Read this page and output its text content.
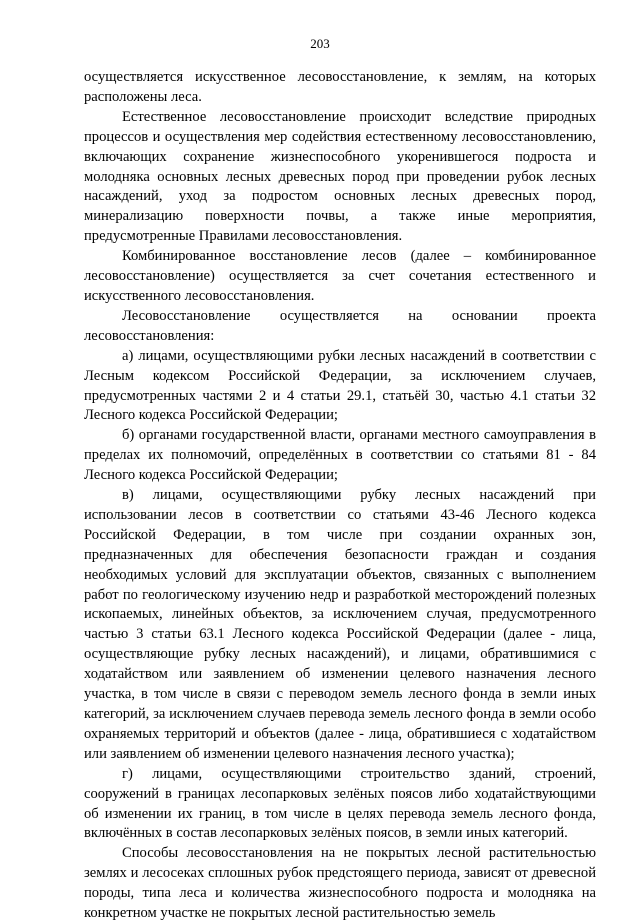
203

осуществляется искусственное лесовосстановление, к землям, на которых расположены леса.

Естественное лесовосстановление происходит вследствие природных процессов и осуществления мер содействия естественному лесовосстановлению, включающих сохранение жизнеспособного укоренившегося подроста и молодняка основных лесных древесных пород при проведении рубок лесных насаждений, уход за подростом основных лесных древесных пород, минерализацию поверхности почвы, а также иные мероприятия, предусмотренные Правилами лесовосстановления.

Комбинированное восстановление лесов (далее – комбинированное лесовосстановление) осуществляется за счет сочетания естественного и искусственного лесовосстановления.

Лесовосстановление осуществляется на основании проекта лесовосстановления:

а) лицами, осуществляющими рубки лесных насаждений в соответствии с Лесным кодексом Российской Федерации, за исключением случаев, предусмотренных частями 2 и 4 статьи 29.1, статьёй 30, частью 4.1 статьи 32 Лесного кодекса Российской Федерации;

б) органами государственной власти, органами местного самоуправления в пределах их полномочий, определённых в соответствии со статьями 81 - 84 Лесного кодекса Российской Федерации;

в) лицами, осуществляющими рубку лесных насаждений при использовании лесов в соответствии со статьями 43-46 Лесного кодекса Российской Федерации, в том числе при создании охранных зон, предназначенных для обеспечения безопасности граждан и создания необходимых условий для эксплуатации объектов, связанных с выполнением работ по геологическому изучению недр и разработкой месторождений полезных ископаемых, линейных объектов, за исключением случая, предусмотренного частью 3 статьи 63.1 Лесного кодекса Российской Федерации (далее - лица, осуществляющие рубку лесных насаждений), и лицами, обратившимися с ходатайством или заявлением об изменении целевого назначения лесного участка, в том числе в связи с переводом земель лесного фонда в земли иных категорий, за исключением случаев перевода земель лесного фонда в земли особо охраняемых территорий и объектов (далее - лица, обратившиеся с ходатайством или заявлением об изменении целевого назначения лесного участка);

г) лицами, осуществляющими строительство зданий, строений, сооружений в границах лесопарковых зелёных поясов либо ходатайствующими об изменении их границ, в том числе в целях перевода земель лесного фонда, включённых в состав лесопарковых зелёных поясов, в земли иных категорий.

Способы лесовосстановления на не покрытых лесной растительностью землях и лесосеках сплошных рубок предстоящего периода, зависят от древесной породы, типа леса и количества жизнеспособного подроста и молодняка на конкретном участке не покрытых лесной растительностью земель
